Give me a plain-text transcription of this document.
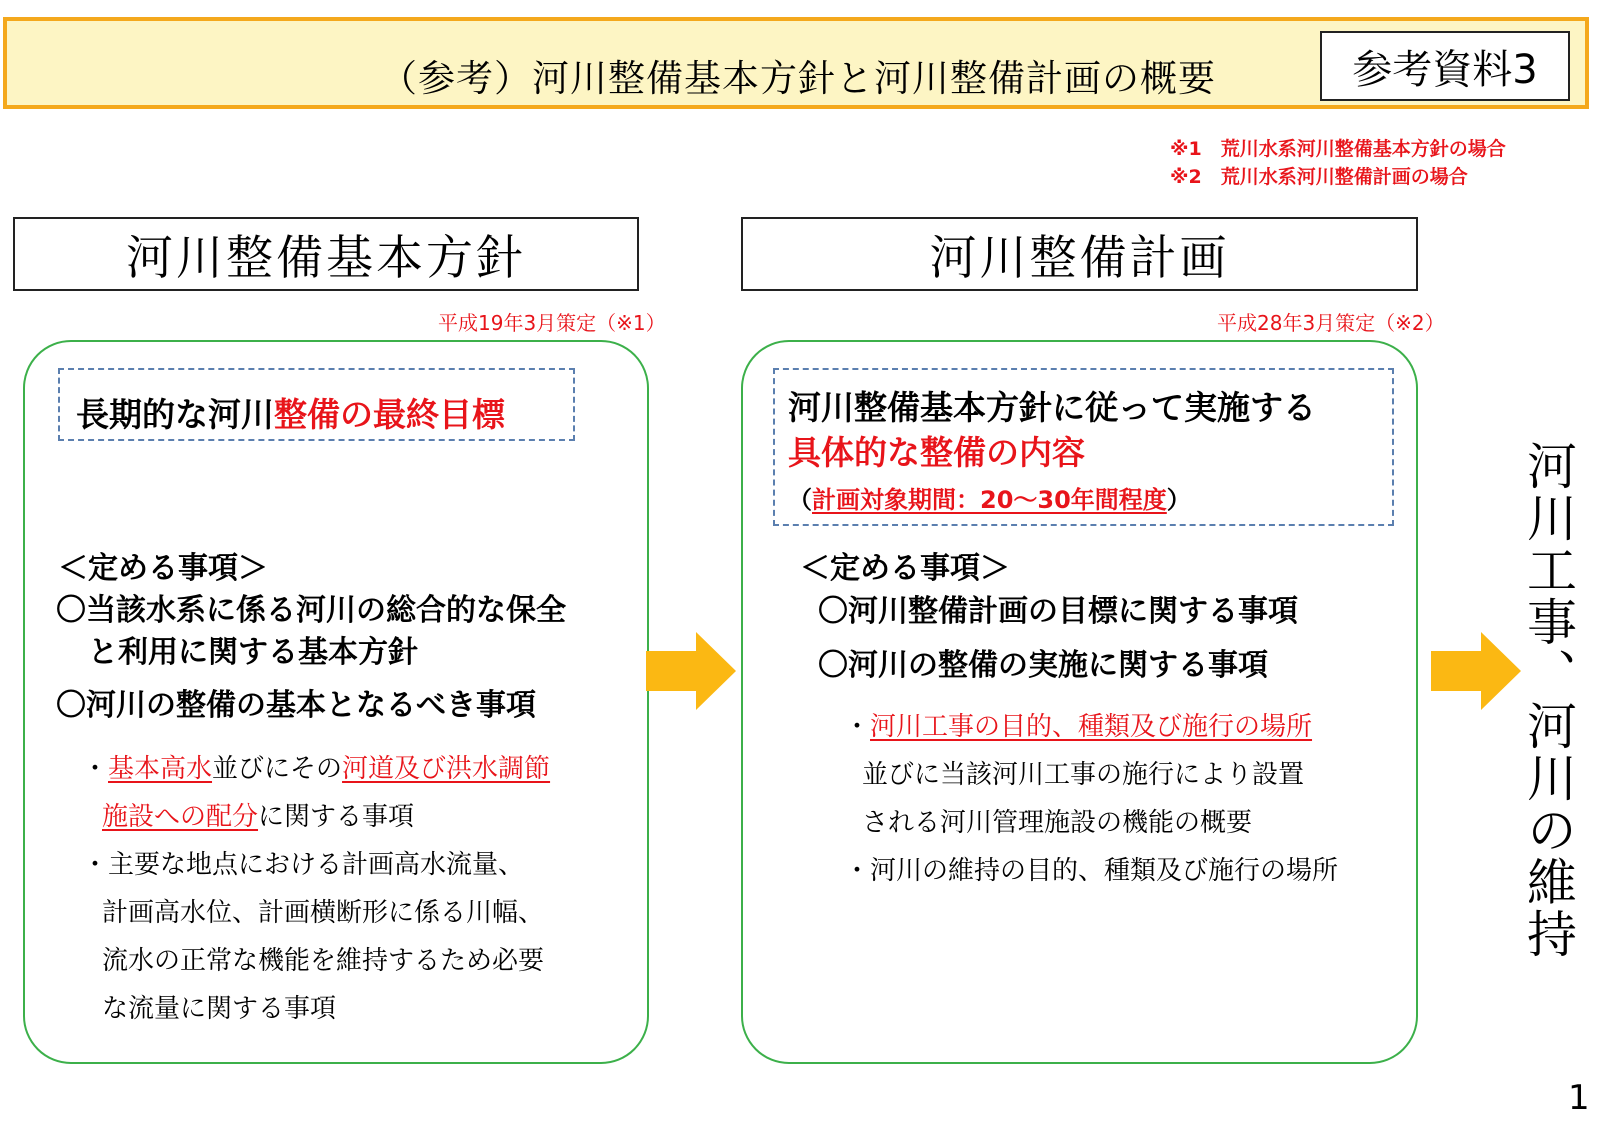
（参考）河川整備基本方針と河川整備計画の概要	参考資料3
※1　荒川水系河川整備基本方針の場合
※2　荒川水系河川整備計画の場合
河川整備基本方針
平成19年3月策定（※1）
河川整備計画
平成28年3月策定（※2）
長期的な河川整備の最終目標
＜定める事項＞
〇当該水系に係る河川の総合的な保全
と利用に関する基本方針
〇河川の整備の基本となるべき事項
・基本高水並びにその河道及び洪水調節
施設への配分に関する事項
・主要な地点における計画高水流量、
計画高水位、計画横断形に係る川幅、
流水の正常な機能を維持するため必要
な流量に関する事項
河川整備基本方針に従って実施する
具体的な整備の内容
（計画対象期間：20～30年間程度）
＜定める事項＞
〇河川整備計画の目標に関する事項
〇河川の整備の実施に関する事項
・河川工事の目的、種類及び施行の場所
並びに当該河川工事の施行により設置
される河川管理施設の機能の概要
・河川の維持の目的、種類及び施行の場所	河川工事、河川の維持
1
